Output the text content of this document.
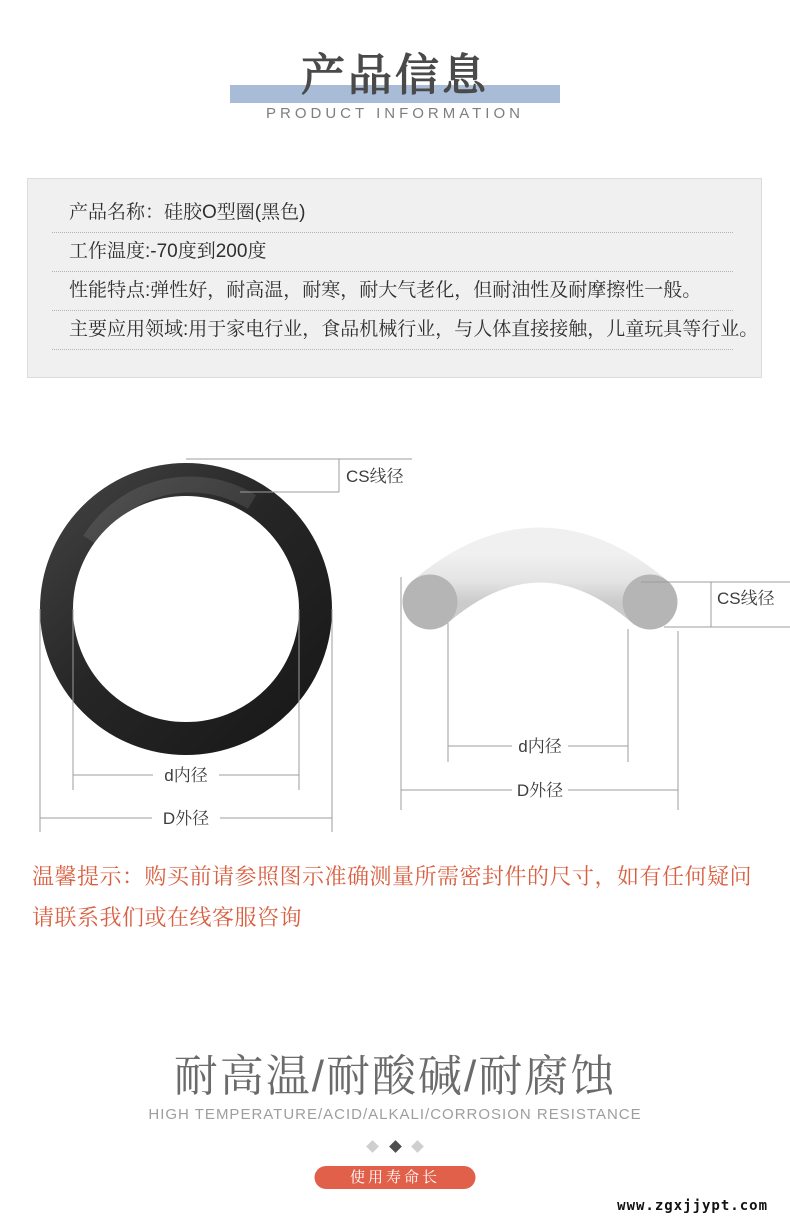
产品信息
PRODUCT INFORMATION
产品名称：硅胶O型圈(黑色)
工作温度:-70度到200度
性能特点:弹性好，耐高温，耐寒，耐大气老化，但耐油性及耐摩擦性一般。
主要应用领域:用于家电行业，食品机械行业，与人体直接接触，儿童玩具等行业。
CS线径
d内径
D外径
CS线径
d内径
D外径
温馨提示：购买前请参照图示准确测量所需密封件的尺寸，如有任何疑问请联系我们或在线客服咨询
耐高温/耐酸碱/耐腐蚀
HIGH TEMPERATURE/ACID/ALKALI/CORROSION RESISTANCE

使用寿命长
www.zgxjjypt.com
